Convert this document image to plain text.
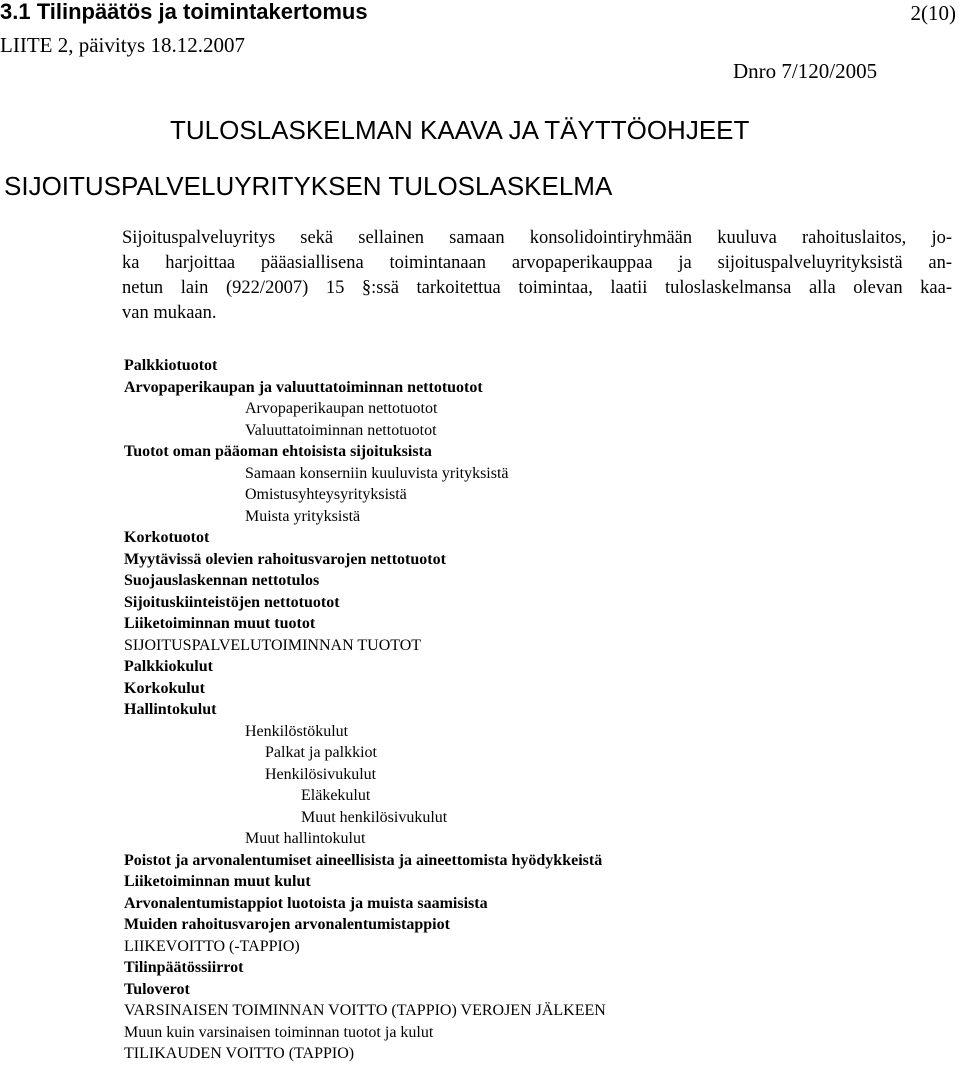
3.1 Tilinpäätös ja toimintakertomus
LIITE 2, päivitys 18.12.2007
2(10)
Dnro 7/120/2005
TULOSLASKELMAN KAAVA JA TÄYTTÖOHJEET
SIJOITUSPALVELUYRITYKSEN TULOSLASKELMA
Sijoituspalveluyritys sekä sellainen samaan konsolidointiryhmään kuuluva rahoituslaitos, jo-
ka harjoittaa pääasiallisena toimintanaan arvopaperikauppaa ja sijoituspalveluyrityksistä an-
netun lain (922/2007) 15 §:ssä tarkoitettua toimintaa, laatii tuloslaskelmansa alla olevan kaa-
van mukaan.
Palkkiotuotot
Arvopaperikaupan ja valuuttatoiminnan nettotuotot
Arvopaperikaupan nettotuotot
Valuuttatoiminnan nettotuotot
Tuotot oman pääoman ehtoisista sijoituksista
Samaan konserniin kuuluvista yrityksistä
Omistusyhteysyrityksistä
Muista yrityksistä
Korkotuotot
Myytävissä olevien rahoitusvarojen nettotuotot
Suojauslaskennan nettotulos
Sijoituskiinteistöjen nettotuotot
Liiketoiminnan muut tuotot
SIJOITUSPALVELUTOIMINNAN TUOTOT
Palkkiokulut
Korkokulut
Hallintokulut
Henkilöstökulut
Palkat ja palkkiot
Henkilösivukulut
Eläkekulut
Muut henkilösivukulut
Muut hallintokulut
Poistot ja arvonalentumiset aineellisista ja aineettomista hyödykkeistä
Liiketoiminnan muut kulut
Arvonalentumistappiot luotoista ja muista saamisista
Muiden rahoitusvarojen arvonalentumistappiot
LIIKEVOITTO (-TAPPIO)
Tilinpäätössiirrot
Tuloverot
VARSINAISEN TOIMINNAN VOITTO (TAPPIO) VEROJEN JÄLKEEN
Muun kuin varsinaisen toiminnan tuotot ja kulut
TILIKAUDEN VOITTO (TAPPIO)
